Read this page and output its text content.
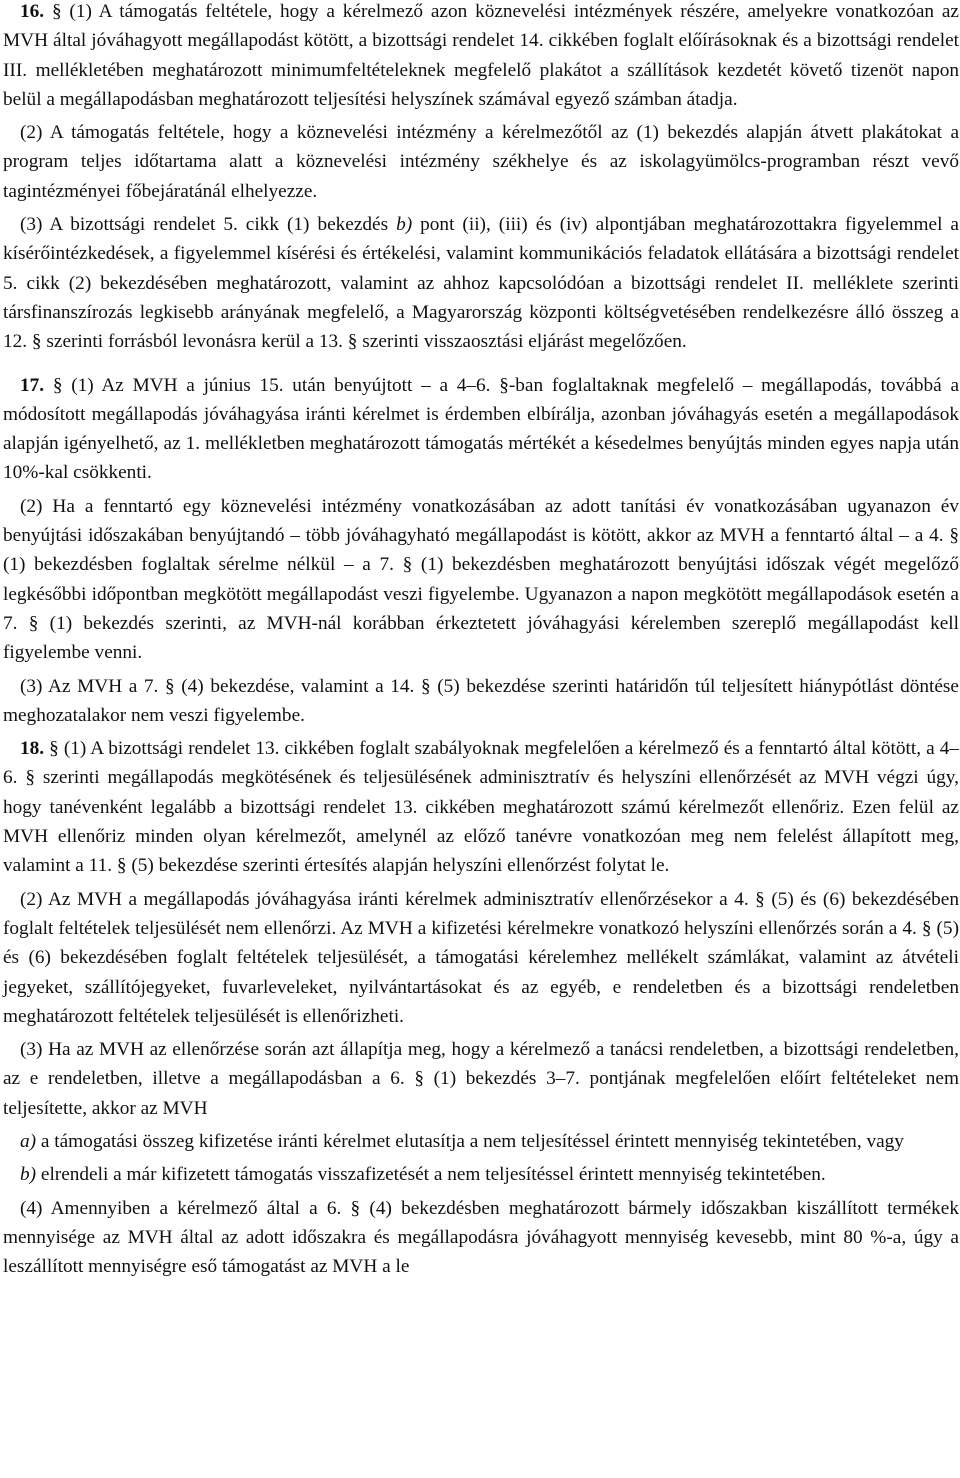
16. § (1) A támogatás feltétele, hogy a kérelmező azon köznevelési intézmények részére, amelyekre vonatkozóan az MVH által jóváhagyott megállapodást kötött, a bizottsági rendelet 14. cikkében foglalt előírásoknak és a bizottsági rendelet III. mellékletében meghatározott minimumfeltételeknek megfelelő plakátot a szállítások kezdetét követő tizenöt napon belül a megállapodásban meghatározott teljesítési helyszínek számával egyező számban átadja.

(2) A támogatás feltétele, hogy a köznevelési intézmény a kérelmezőtől az (1) bekezdés alapján átvett plakátokat a program teljes időtartama alatt a köznevelési intézmény székhelye és az iskolagyümölcs-programban részt vevő tagintézményei főbejáratánál elhelyezze.

(3) A bizottsági rendelet 5. cikk (1) bekezdés b) pont (ii), (iii) és (iv) alpontjában meghatározottakra figyelemmel a kísérőintézkedések, a figyelemmel kísérési és értékelési, valamint kommunikációs feladatok ellátására a bizottsági rendelet 5. cikk (2) bekezdésében meghatározott, valamint az ahhoz kapcsolódóan a bizottsági rendelet II. melléklete szerinti társfinanszírozás legkisebb arányának megfelelő, a Magyarország központi költségvetésében rendelkezésre álló összeg a 12. § szerinti forrásból levonásra kerül a 13. § szerinti visszaosztási eljárást megelőzően.

17. § (1) Az MVH a június 15. után benyújtott – a 4–6. §-ban foglaltaknak megfelelő – megállapodás, továbbá a módosított megállapodás jóváhagyása iránti kérelmet is érdemben elbírálja, azonban jóváhagyás esetén a megállapodások alapján igényelhető, az 1. mellékletben meghatározott támogatás mértékét a késedelmes benyújtás minden egyes napja után 10%-kal csökkenti.

(2) Ha a fenntartó egy köznevelési intézmény vonatkozásában az adott tanítási év vonatkozásában ugyanazon év benyújtási időszakában benyújtandó – több jóváhagyható megállapodást is kötött, akkor az MVH a fenntartó által – a 4. § (1) bekezdésben foglaltak sérelme nélkül – a 7. § (1) bekezdésben meghatározott benyújtási időszak végét megelőző legkésőbbi időpontban megkötött megállapodást veszi figyelembe. Ugyanazon a napon megkötött megállapodások esetén a 7. § (1) bekezdés szerinti, az MVH-nál korábban érkeztetett jóváhagyási kérelemben szereplő megállapodást kell figyelembe venni.

(3) Az MVH a 7. § (4) bekezdése, valamint a 14. § (5) bekezdése szerinti határidőn túl teljesített hiánypótlást döntése meghozatalakor nem veszi figyelembe.

18. § (1) A bizottsági rendelet 13. cikkében foglalt szabályoknak megfelelően a kérelmező és a fenntartó által kötött, a 4–6. § szerinti megállapodás megkötésének és teljesülésének adminisztratív és helyszíni ellenőrzését az MVH végzi úgy, hogy tanévenként legalább a bizottsági rendelet 13. cikkében meghatározott számú kérelmezőt ellenőriz. Ezen felül az MVH ellenőriz minden olyan kérelmezőt, amelynél az előző tanévre vonatkozóan meg nem felelést állapított meg, valamint a 11. § (5) bekezdése szerinti értesítés alapján helyszíni ellenőrzést folytat le.

(2) Az MVH a megállapodás jóváhagyása iránti kérelmek adminisztratív ellenőrzésekor a 4. § (5) és (6) bekezdésében foglalt feltételek teljesülését nem ellenőrzi. Az MVH a kifizetési kérelmekre vonatkozó helyszíni ellenőrzés során a 4. § (5) és (6) bekezdésében foglalt feltételek teljesülését, a támogatási kérelemhez mellékelt számlákat, valamint az átvételi jegyeket, szállítójegyeket, fuvarleveleket, nyilvántartásokat és az egyéb, e rendeletben és a bizottsági rendeletben meghatározott feltételek teljesülését is ellenőrizheti.

(3) Ha az MVH az ellenőrzése során azt állapítja meg, hogy a kérelmező a tanácsi rendeletben, a bizottsági rendeletben, az e rendeletben, illetve a megállapodásban a 6. § (1) bekezdés 3–7. pontjának megfelelően előírt feltételeket nem teljesítette, akkor az MVH

a) a támogatási összeg kifizetése iránti kérelmet elutasítja a nem teljesítéssel érintett mennyiség tekintetében, vagy

b) elrendeli a már kifizetett támogatás visszafizetését a nem teljesítéssel érintett mennyiség tekintetében.

(4) Amennyiben a kérelmező által a 6. § (4) bekezdésben meghatározott bármely időszakban kiszállított termékek mennyisége az MVH által az adott időszakra és megállapodásra jóváhagyott mennyiség kevesebb, mint 80 %-a, úgy a leszállított mennyiségre eső támogatást az MVH a le
